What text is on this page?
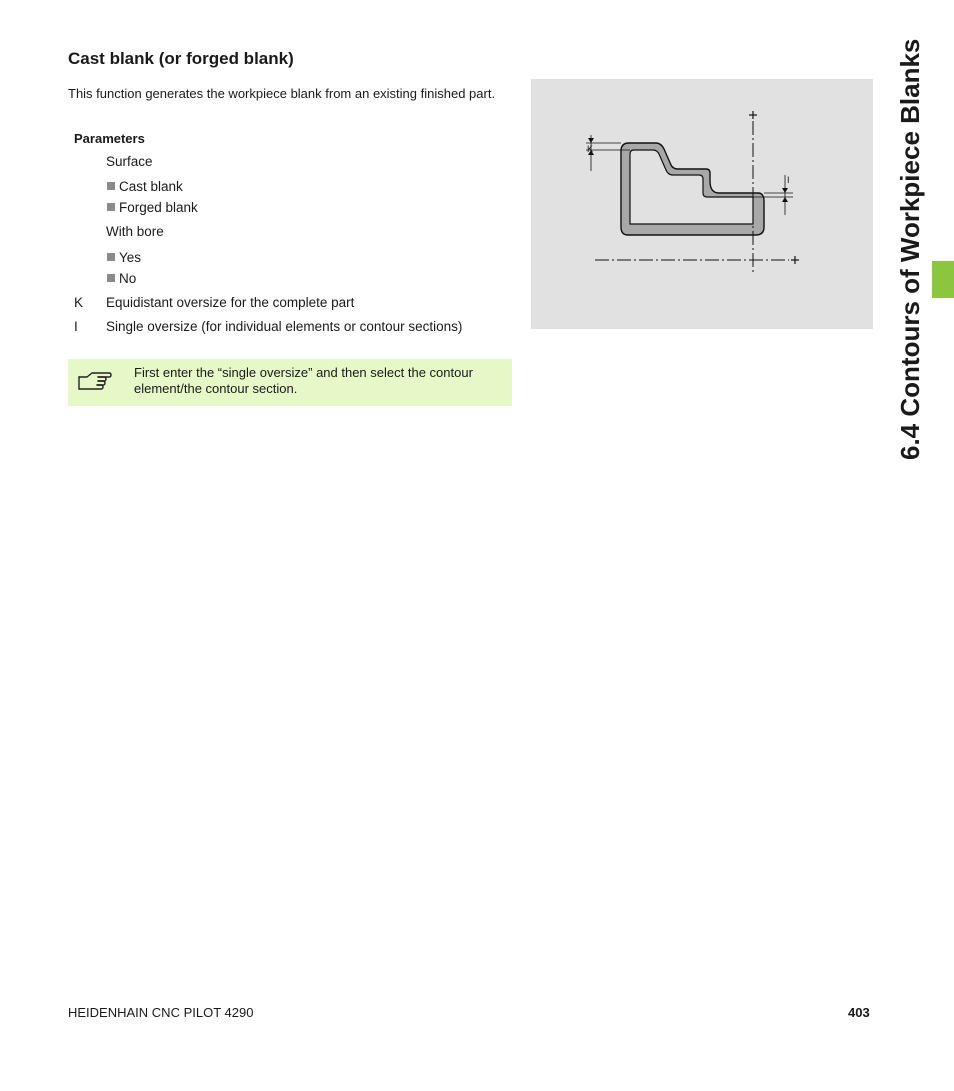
Cast blank (or forged blank)
This function generates the workpiece blank from an existing finished part.
Parameters
Surface
Cast blank
Forged blank
With bore
Yes
No
K Equidistant oversize for the complete part
I Single oversize (for individual elements or contour sections)
First enter the “single oversize” and then select the contour element/the contour section.
K
I	6.4 Contours of Workpiece Blanks
HEIDENHAIN CNC PILOT 4290	403
